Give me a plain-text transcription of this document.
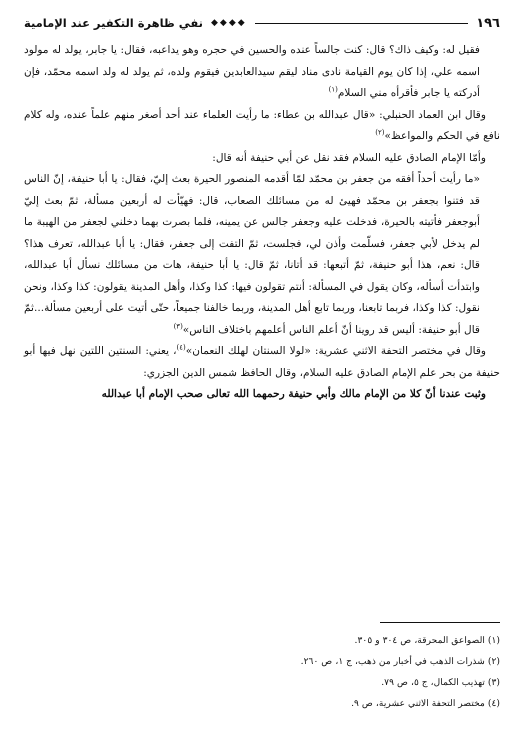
١٩٦
◆◆◆◆
نفي ظاهرة التكفير عند الإمامية

فقيل له: وكيف ذاك؟ قال: كنت جالساً عنده والحسين في حجره وهو يداعبه، فقال: يا جابر، يولد له مولود اسمه علي، إذا كان يوم القيامة نادى مناد ليقم سيدالعابدين فيقوم ولده، ثم يولد له ولد اسمه محمّد، فإن أدركته يا جابر فأقرأه مني السلام$^{(١)}$

وقال ابن العماد الحنبلي: «قال عبدالله بن عطاء: ما رأيت العلماء عند أحد أصغر منهم علماً عنده، وله كلام نافع في الحكم والمواعظ»$^{(٢)}$

وأمّا الإمام الصادق عليه السلام فقد نقل عن أبي حنيفة أنه قال:

«ما رأيت أحداً أفقه من جعفر بن محمّد لمّا أقدمه المنصور الحيرة بعث إليّ، فقال: يا أبا حنيفة، إنّ الناس قد فتنوا بجعفر بن محمّد فهيئ له من مسائلك الصعاب، قال: فهيّأت له أربعين مسألة، ثمّ بعث إليّ أبوجعفر فأتيته بالحيرة، فدخلت عليه وجعفر جالس عن يمينه، فلما بصرت بهما دخلني لجعفر من الهيبة ما لم يدخل لأبي جعفر، فسلّمت وأذن لي، فجلست، ثمّ التفت إلى جعفر، فقال: يا أبا عبدالله، تعرف هذا؟ قال: نعم، هذا أبو حنيفة، ثمّ أتبعها: قد أتانا، ثمّ قال: يا أبا حنيفة، هات من مسائلك نسأل أبا عبدالله، وابتدأت أسأله، وكان يقول في المسألة: أنتم تقولون فيها: كذا وكذا، وأهل المدينة يقولون: كذا وكذا، ونحن نقول: كذا وكذا، فربما تابعنا، وربما تابع أهل المدينة، وربما خالفنا جميعاً، حتّى أتيت على أربعين مسألة...ثمّ قال أبو حنيفة: أليس قد روينا أنّ أعلم الناس أعلمهم باختلاف الناس»$^{(٣)}$

وقال في مختصر التحفة الاثني عشرية: «لولا السنتان لهلك النعمان»$^{(٤)}$، يعني: السنتين اللتين نهل فيها أبو حنيفة من بحر علم الإمام الصادق عليه السلام، وقال الحافظ شمس الدين الجزري:

وثبت عندنا أنّ كلا من الإمام مالك وأبي حنيفة رحمهما الله تعالى صحب الإمام أبا عبدالله

(١) الصواعق المحرقة، ص ٣٠٤ و ٣٠٥.
(٢) شذرات الذهب في أخبار من ذهب، ج ١، ص ٢٦٠.
(٣) تهذيب الكمال، ج ٥، ص ٧٩.
(٤) مختصر التحفة الاثني عشرية، ص ٩.
